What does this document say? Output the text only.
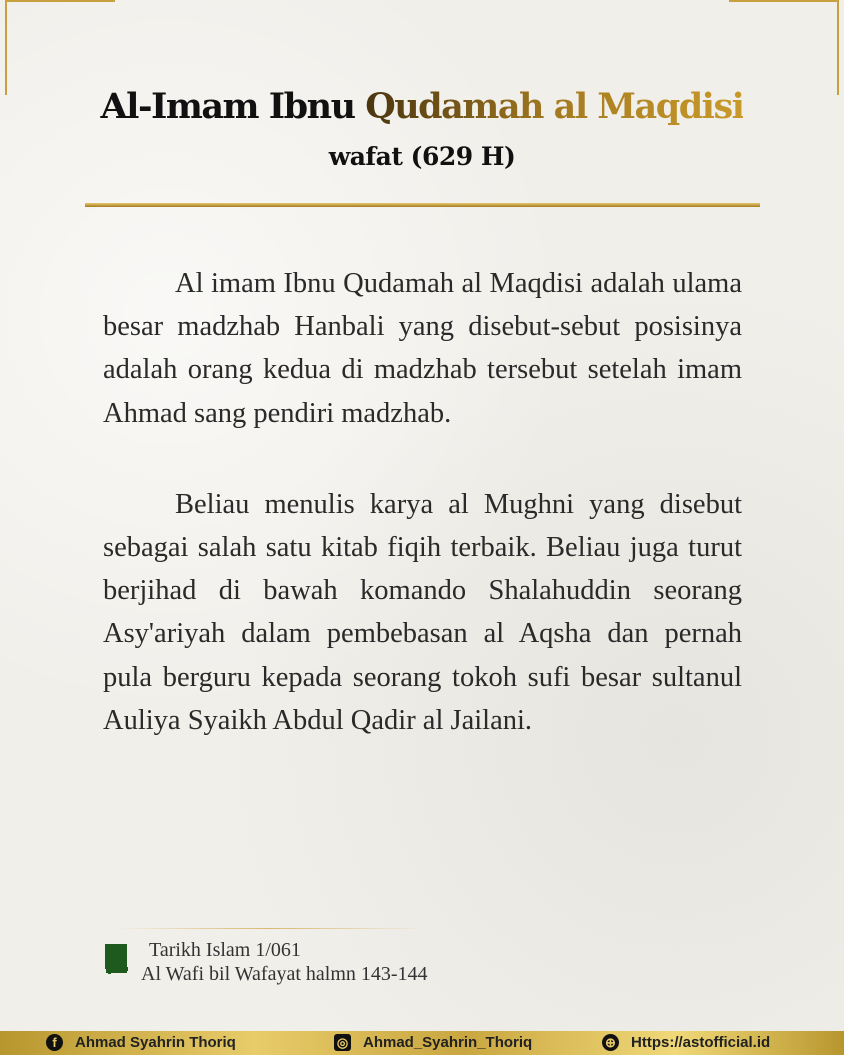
Al-Imam Ibnu Qudamah al Maqdisi
wafat (629 H)

Al imam Ibnu Qudamah al Maqdisi adalah ulama besar madzhab Hanbali yang disebut-sebut posisinya adalah orang kedua di madzhab tersebut setelah imam Ahmad sang pendiri madzhab.

Beliau menulis karya al Mughni yang disebut sebagai salah satu kitab fiqih terbaik. Beliau juga turut berjihad di bawah komando Shalahuddin seorang Asy'ariyah dalam pembebasan al Aqsha dan pernah pula berguru kepada seorang tokoh sufi besar sultanul Auliya Syaikh Abdul Qadir al Jailani.

Tarikh Islam 1/061
Al Wafi bil Wafayat halmn 143-144
f	Ahmad Syahrin Thoriq	◎ Ahmad_Syahrin_Thoriq	⊕ Https://astofficial.id
